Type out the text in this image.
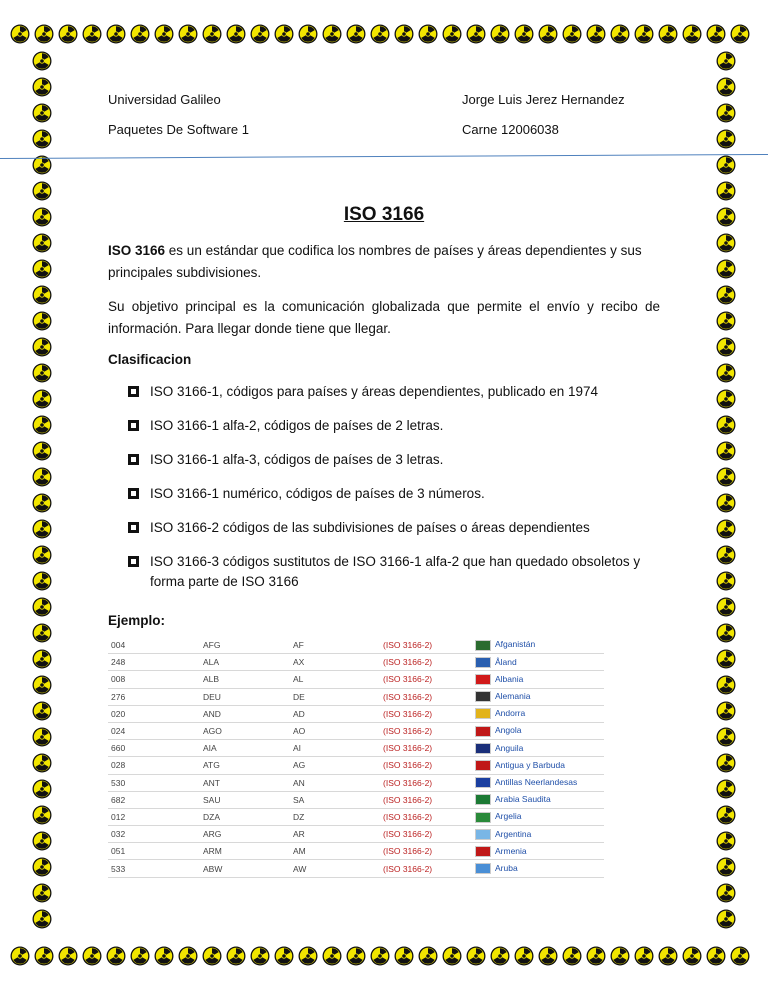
Universidad Galileo
Paquetes De Software 1
Jorge Luis Jerez Hernandez
Carne 12006038
ISO 3166
ISO 3166 es un estándar que codifica los nombres de países y áreas dependientes y sus principales subdivisiones.
Su objetivo principal es la comunicación globalizada que permite el envío y recibo de información. Para llegar donde tiene que llegar.
Clasificacion
ISO 3166-1, códigos para países y áreas dependientes, publicado en 1974
ISO 3166-1 alfa-2, códigos de países de 2 letras.
ISO 3166-1 alfa-3, códigos de países de 3 letras.
ISO 3166-1 numérico, códigos de países de 3 números.
ISO 3166-2 códigos de las subdivisiones de países o áreas dependientes
ISO 3166-3 códigos sustitutos de ISO 3166-1 alfa-2 que han quedado obsoletos y forma parte de ISO 3166
Ejemplo:
004	AFG	AF	(ISO 3166-2)	Afganistán
248	ALA	AX	(ISO 3166-2)	Åland
008	ALB	AL	(ISO 3166-2)	Albania
276	DEU	DE	(ISO 3166-2)	Alemania
020	AND	AD	(ISO 3166-2)	Andorra
024	AGO	AO	(ISO 3166-2)	Angola
660	AIA	AI	(ISO 3166-2)	Anguila
028	ATG	AG	(ISO 3166-2)	Antigua y Barbuda
530	ANT	AN	(ISO 3166-2)	Antillas Neerlandesas
682	SAU	SA	(ISO 3166-2)	Arabia Saudita
012	DZA	DZ	(ISO 3166-2)	Argelia
032	ARG	AR	(ISO 3166-2)	Argentina
051	ARM	AM	(ISO 3166-2)	Armenia
533	ABW	AW	(ISO 3166-2)	Aruba
